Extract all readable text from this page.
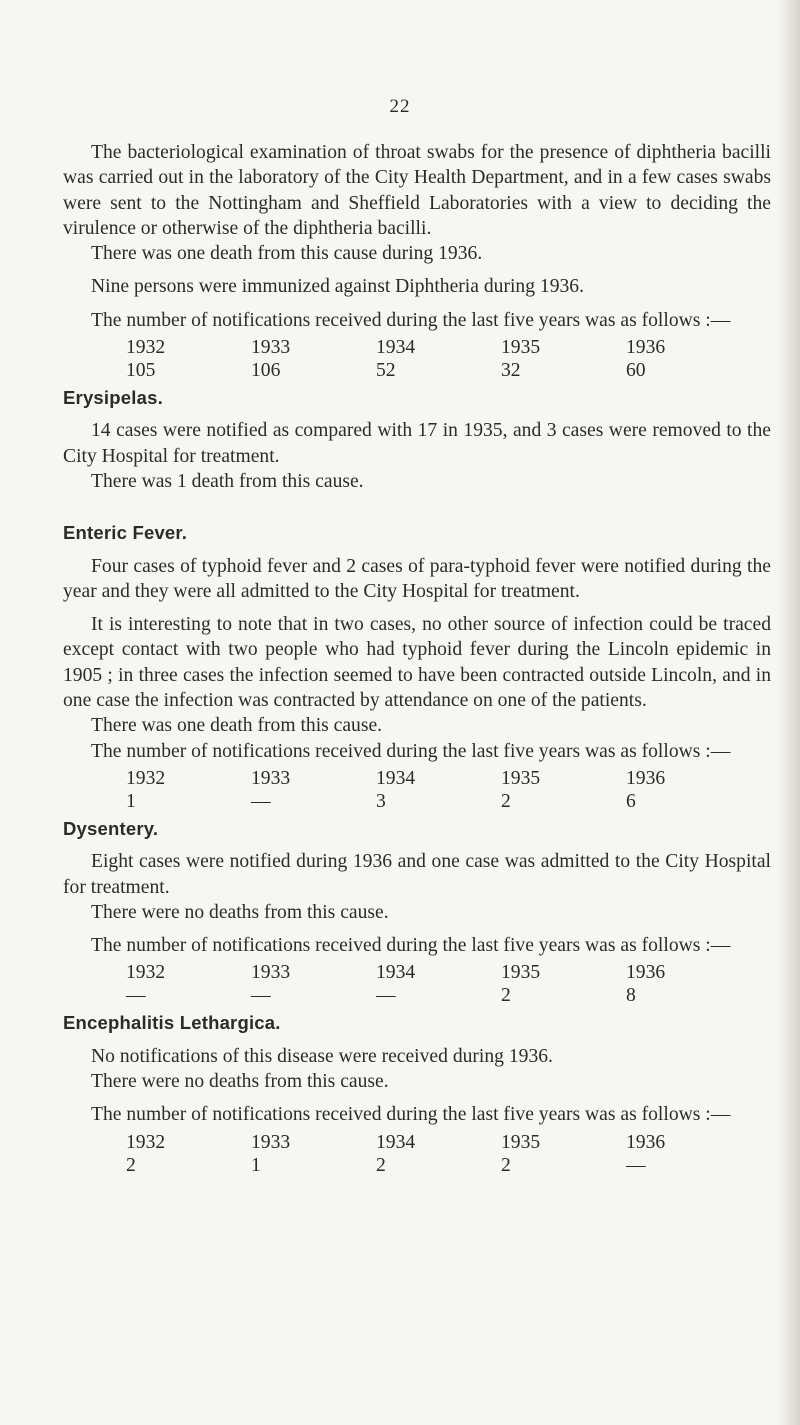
22

The bacteriological examination of throat swabs for the presence of diphtheria bacilli was carried out in the laboratory of the City Health Department, and in a few cases swabs were sent to the Nottingham and Sheffield Laboratories with a view to deciding the virulence or otherwise of the diphtheria bacilli.

There was one death from this cause during 1936.

Nine persons were immunized against Diphtheria during 1936.

The number of notifications received during the last five years was as follows :—

1932	1933	1934	1935	1936
105	106	52	32	60
Erysipelas.

14 cases were notified as compared with 17 in 1935, and 3 cases were removed to the City Hospital for treatment.

There was 1 death from this cause.

Enteric Fever.

Four cases of typhoid fever and 2 cases of para-typhoid fever were notified during the year and they were all admitted to the City Hospital for treatment.

It is interesting to note that in two cases, no other source of infection could be traced except contact with two people who had typhoid fever during the Lincoln epidemic in 1905 ; in three cases the infection seemed to have been contracted outside Lincoln, and in one case the infection was contracted by attendance on one of the patients.

There was one death from this cause.

The number of notifications received during the last five years was as follows :—

1932	1933	1934	1935	1936
1	—	3	2	6
Dysentery.

Eight cases were notified during 1936 and one case was admitted to the City Hospital for treatment.

There were no deaths from this cause.

The number of notifications received during the last five years was as follows :—

1932	1933	1934	1935	1936
—	—	—	2	8
Encephalitis Lethargica.

No notifications of this disease were received during 1936.

There were no deaths from this cause.

The number of notifications received during the last five years was as follows :—

1932	1933	1934	1935	1936
2	1	2	2	—
